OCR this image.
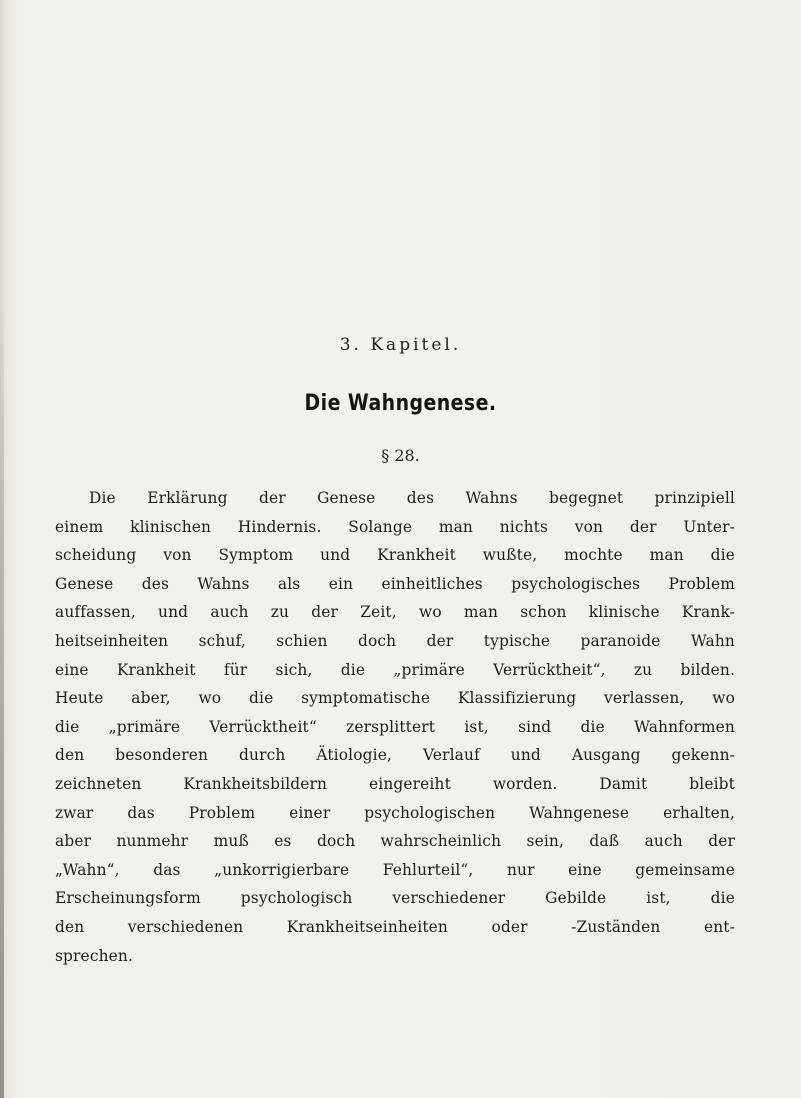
3. Kapitel.
Die Wahngenese.
§ 28.

Die Erklärung der Genese des Wahns begegnet prinzipiell
einem klinischen Hindernis. Solange man nichts von der Unter-
scheidung von Symptom und Krankheit wußte, mochte man die
Genese des Wahns als ein einheitliches psychologisches Problem
auffassen, und auch zu der Zeit, wo man schon klinische Krank-
heitseinheiten schuf, schien doch der typische paranoide Wahn
eine Krankheit für sich, die „primäre Verrücktheit“, zu bilden.
Heute aber, wo die symptomatische Klassifizierung verlassen, wo
die „primäre Verrücktheit“ zersplittert ist, sind die Wahnformen
den besonderen durch Ätiologie, Verlauf und Ausgang gekenn-
zeichneten Krankheitsbildern eingereiht worden. Damit bleibt
zwar das Problem einer psychologischen Wahngenese erhalten,
aber nunmehr muß es doch wahrscheinlich sein, daß auch der
„Wahn“, das „unkorrigierbare Fehlurteil“, nur eine gemeinsame
Erscheinungsform psychologisch verschiedener Gebilde ist, die
den verschiedenen Krankheitseinheiten oder -Zuständen ent-
sprechen.
